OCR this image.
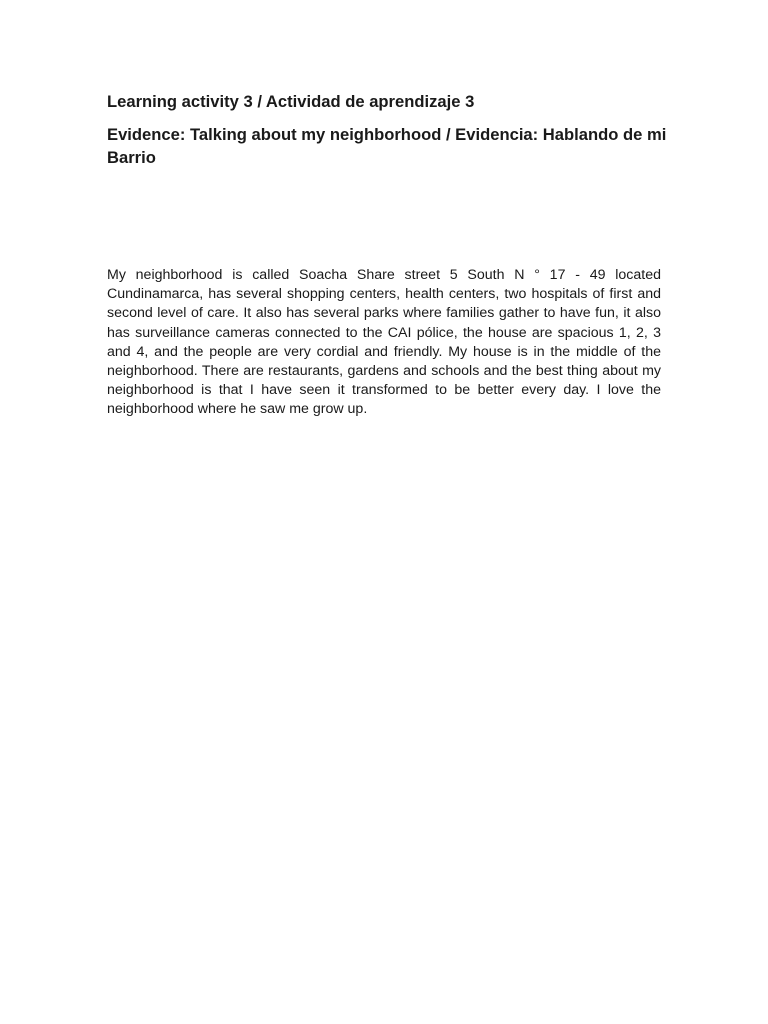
Learning activity 3 / Actividad de aprendizaje 3
Evidence: Talking about my neighborhood / Evidencia: Hablando de mi Barrio

My neighborhood is called Soacha Share street 5 South N ° 17 - 49 located Cundinamarca, has several shopping centers, health centers, two hospitals of first and second level of care. It also has several parks where families gather to have fun, it also has surveillance cameras connected to the CAI pólice, the house are spacious 1, 2, 3 and 4, and the people are very cordial and friendly. My house is in the middle of the neighborhood. There are restaurants, gardens and schools and the best thing about my neighborhood is that I have seen it transformed to be better every day. I love the neighborhood where he saw me grow up.
